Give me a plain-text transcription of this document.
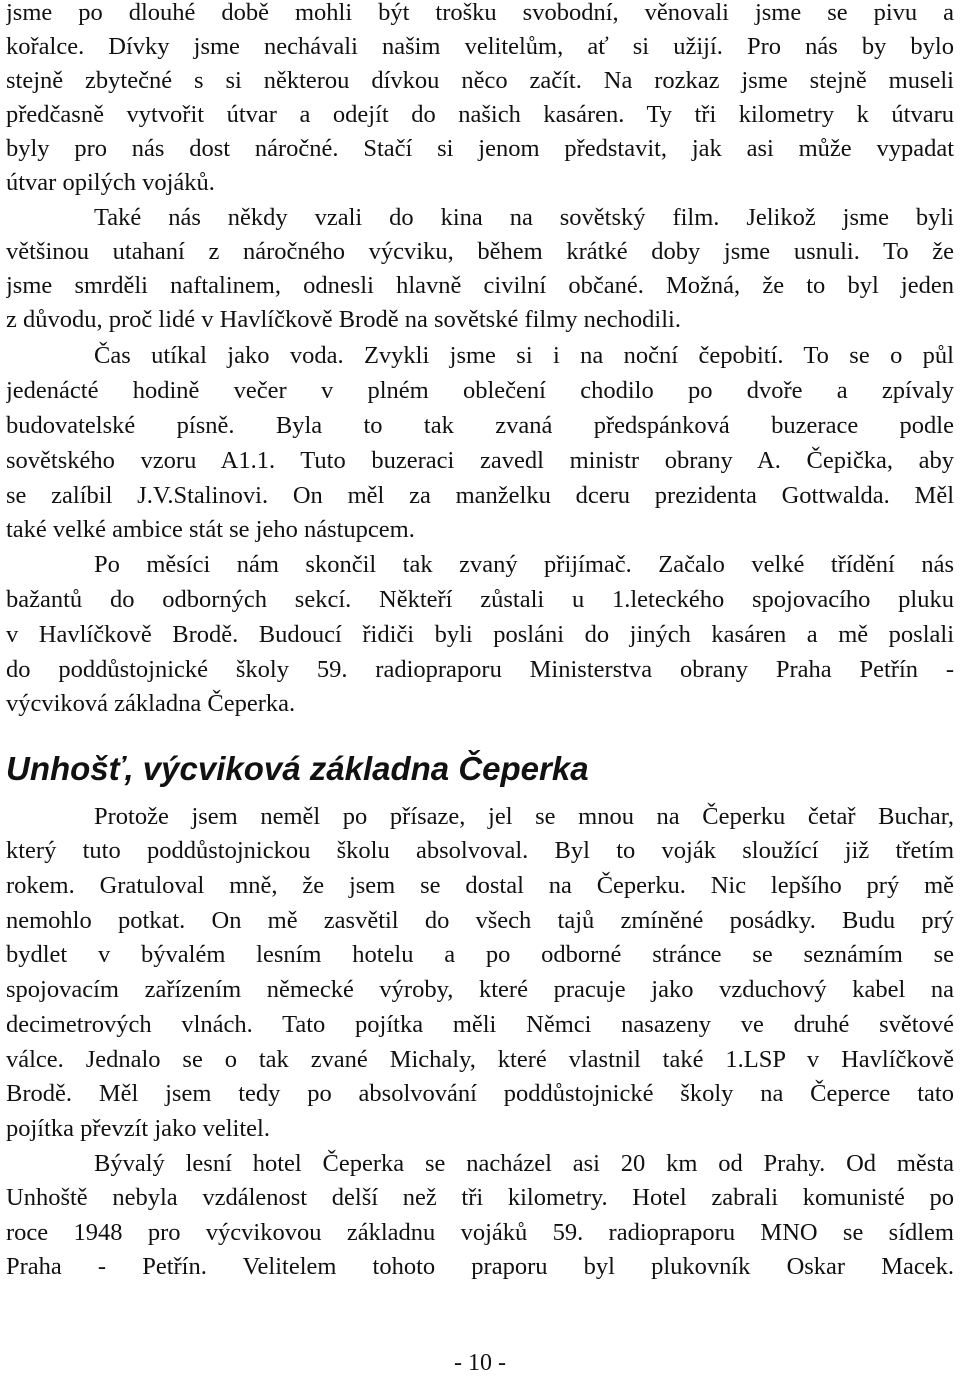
jsme po dlouhé době mohli být trošku svobodní, věnovali jsme se pivu a
kořalce. Dívky jsme nechávali našim velitelům, ať si užijí. Pro nás by bylo
stejně zbytečné s si některou dívkou něco začít. Na rozkaz jsme stejně museli
předčasně vytvořit útvar a odejít do našich kasáren. Ty tři kilometry k útvaru
byly pro nás dost náročné. Stačí si jenom představit, jak asi může vypadat
útvar opilých vojáků.
Také nás někdy vzali do kina na sovětský film. Jelikož jsme byli
většinou utahaní z náročného výcviku, během krátké doby jsme usnuli. To že
jsme smrděli naftalinem, odnesli hlavně civilní občané. Možná, že to byl jeden
z důvodu, proč lidé v Havlíčkově Brodě na sovětské filmy nechodili.
Čas utíkal jako voda. Zvykli jsme si i na noční čepobití. To se o půl
jedenácté hodině večer v plném oblečení chodilo po dvoře a zpívaly
budovatelské písně. Byla to tak zvaná předspánková buzerace podle
sovětského vzoru A1.1. Tuto buzeraci zavedl ministr obrany A. Čepička, aby
se zalíbil J.V.Stalinovi. On měl za manželku dceru prezidenta Gottwalda. Měl
také velké ambice stát se jeho nástupcem.
Po měsíci nám skončil tak zvaný přijímač. Začalo velké třídění nás
bažantů do odborných sekcí. Někteří zůstali u 1.leteckého spojovacího pluku
v Havlíčkově Brodě. Budoucí řidiči byli posláni do jiných kasáren a mě poslali
do poddůstojnické školy 59. radiopraporu Ministerstva obrany Praha Petřín -
výcviková základna Čeperka.
Unhošť, výcviková základna Čeperka
Protože jsem neměl po přísaze, jel se mnou na Čeperku četař Buchar,
který tuto poddůstojnickou školu absolvoval. Byl to voják sloužící již třetím
rokem. Gratuloval mně, že jsem se dostal na Čeperku. Nic lepšího prý mě
nemohlo potkat. On mě zasvětil do všech tajů zmíněné posádky. Budu prý
bydlet v bývalém lesním hotelu a po odborné stránce se seznámím se
spojovacím zařízením německé výroby, které pracuje jako vzduchový kabel na
decimetrových vlnách. Tato pojítka měli Němci nasazeny ve druhé světové
válce. Jednalo se o tak zvané Michaly, které vlastnil také 1.LSP v Havlíčkově
Brodě. Měl jsem tedy po absolvování poddůstojnické školy na Čeperce tato
pojítka převzít jako velitel.
Bývalý lesní hotel Čeperka se nacházel asi 20 km od Prahy. Od města
Unhoště nebyla vzdálenost delší než tři kilometry. Hotel zabrali komunisté po
roce 1948 pro výcvikovou základnu vojáků 59. radiopraporu MNO se sídlem
Praha - Petřín. Velitelem tohoto praporu byl plukovník Oskar Macek.
- 10 -
